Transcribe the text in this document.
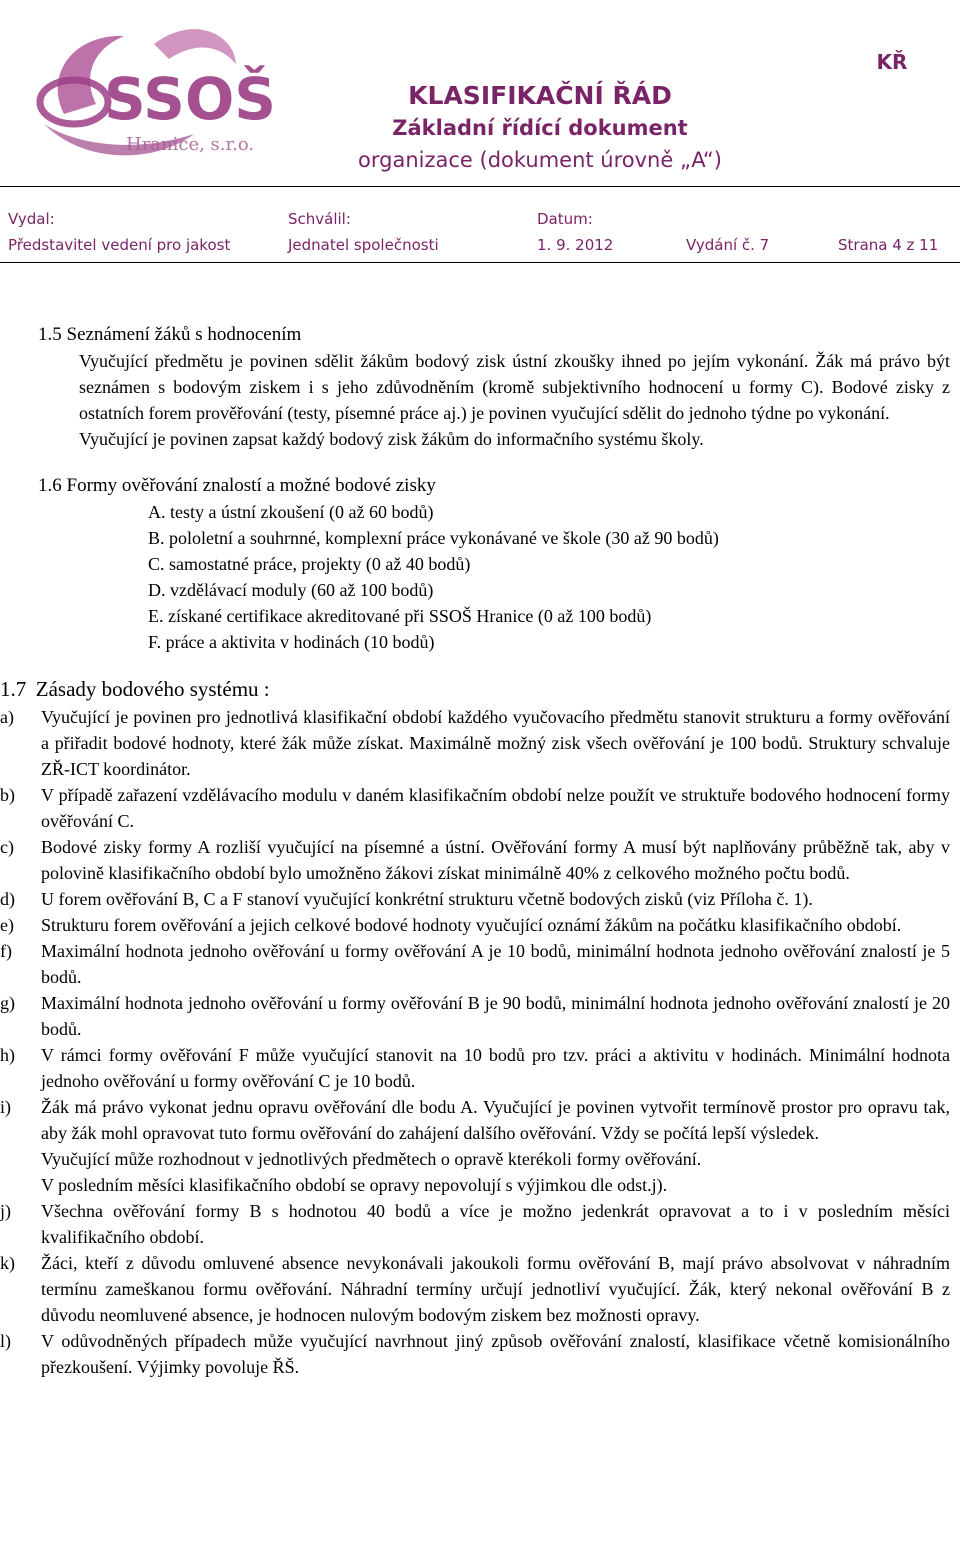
SSOŠ
Hranice, s.r.o.
KLASIFIKAČNÍ ŘÁD
Základní řídící dokument
organizace (dokument úrovně „A“)
KŘ
Vydal:
Představitel vedení pro jakost
Schválil:
Jednatel společnosti
Datum:
1. 9. 2012	Vydání č. 7	Strana 4 z 11

1.5 Seznámení žáků s hodnocením

Vyučující předmětu je povinen sdělit žákům bodový zisk ústní zkoušky ihned po jejím vykonání. Žák má právo být seznámen s bodovým ziskem i s jeho zdůvodněním (kromě subjektivního hodnocení u formy C). Bodové zisky z ostatních forem prověřování (testy, písemné práce aj.) je povinen vyučující sdělit do jednoho týdne po vykonání.

Vyučující je povinen zapsat každý bodový zisk žákům do informačního systému školy.

1.6 Formy ověřování znalostí a možné bodové zisky

A. testy a ústní zkoušení (0 až 60 bodů)
B. pololetní a souhrnné, komplexní práce vykonávané ve škole (30 až 90 bodů)
C. samostatné práce, projekty (0 až 40 bodů)
D. vzdělávací moduly (60 až 100 bodů)
E. získané certifikace akreditované při SSOŠ Hranice (0 až 100 bodů)
F. práce a aktivita v hodinách (10 bodů)

1.7 Zásady bodového systému :

a) Vyučující je povinen pro jednotlivá klasifikační období každého vyučovacího předmětu stanovit strukturu a formy ověřování a přiřadit bodové hodnoty, které žák může získat. Maximálně možný zisk všech ověřování je 100 bodů. Struktury schvaluje ZŘ-ICT koordinátor.
b) V případě zařazení vzdělávacího modulu v daném klasifikačním období nelze použít ve struktuře bodového hodnocení formy ověřování C.
c) Bodové zisky formy A rozliší vyučující na písemné a ústní. Ověřování formy A musí být naplňovány průběžně tak, aby v polovině klasifikačního období bylo umožněno žákovi získat minimálně 40% z celkového možného počtu bodů.
d) U forem ověřování B, C a F stanoví vyučující konkrétní strukturu včetně bodových zisků (viz Příloha č. 1).
e) Strukturu forem ověřování a jejich celkové bodové hodnoty vyučující oznámí žákům na počátku klasifikačního období.
f) Maximální hodnota jednoho ověřování u formy ověřování A je 10 bodů, minimální hodnota jednoho ověřování znalostí je 5 bodů.
g) Maximální hodnota jednoho ověřování u formy ověřování B je 90 bodů, minimální hodnota jednoho ověřování znalostí je 20 bodů.
h) V rámci formy ověřování F může vyučující stanovit na 10 bodů pro tzv. práci a aktivitu v hodinách. Minimální hodnota jednoho ověřování u formy ověřování C je 10 bodů.
i) Žák má právo vykonat jednu opravu ověřování dle bodu A. Vyučující je povinen vytvořit termínově prostor pro opravu tak, aby žák mohl opravovat tuto formu ověřování do zahájení dalšího ověřování. Vždy se počítá lepší výsledek.
Vyučující může rozhodnout v jednotlivých předmětech o opravě kterékoli formy ověřování.
V posledním měsíci klasifikačního období se opravy nepovolují s výjimkou dle odst.j).
j) Všechna ověřování formy B s hodnotou 40 bodů a více je možno jedenkrát opravovat a to i v posledním měsíci kvalifikačního období.
k) Žáci, kteří z důvodu omluvené absence nevykonávali jakoukoli formu ověřování B, mají právo absolvovat v náhradním termínu zameškanou formu ověřování. Náhradní termíny určují jednotliví vyučující. Žák, který nekonal ověřování B z důvodu neomluvené absence, je hodnocen nulovým bodovým ziskem bez možnosti opravy.
l) V odůvodněných případech může vyučující navrhnout jiný způsob ověřování znalostí, klasifikace včetně komisionálního přezkoušení. Výjimky povoluje ŘŠ.
